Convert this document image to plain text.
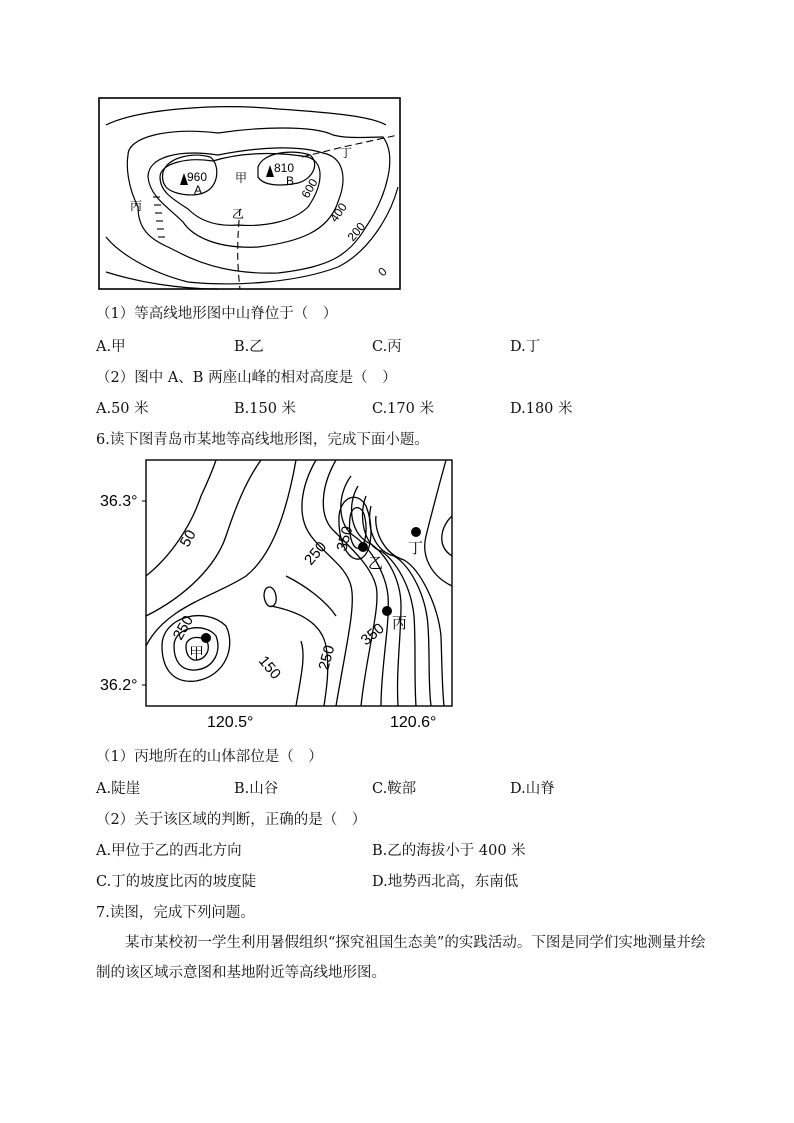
960
A
810
B
甲
乙
丙
丁
600
400
200
0
（1）等高线地形图中山脊位于（　）
A.甲	B.乙	C.丙	D.丁
（2）图中 A、B 两座山峰的相对高度是（　）
A.50 米	B.150 米	C.170 米	D.180 米
6.读下图青岛市某地等高线地形图，完成下面小题。
36.3°
36.2°
120.5°	120.6°
50	250 350
250
150 250
350
甲
乙
丁
丙
（1）丙地所在的山体部位是（　）
A.陡崖	B.山谷	C.鞍部	D.山脊
（2）关于该区域的判断，正确的是（　）
A.甲位于乙的西北方向	B.乙的海拔小于 400 米
C.丁的坡度比丙的坡度陡	D.地势西北高，东南低
7.读图，完成下列问题。
某市某校初一学生利用暑假组织“探究祖国生态美”的实践活动。下图是同学们实地测量并绘制的该区域示意图和基地附近等高线地形图。
